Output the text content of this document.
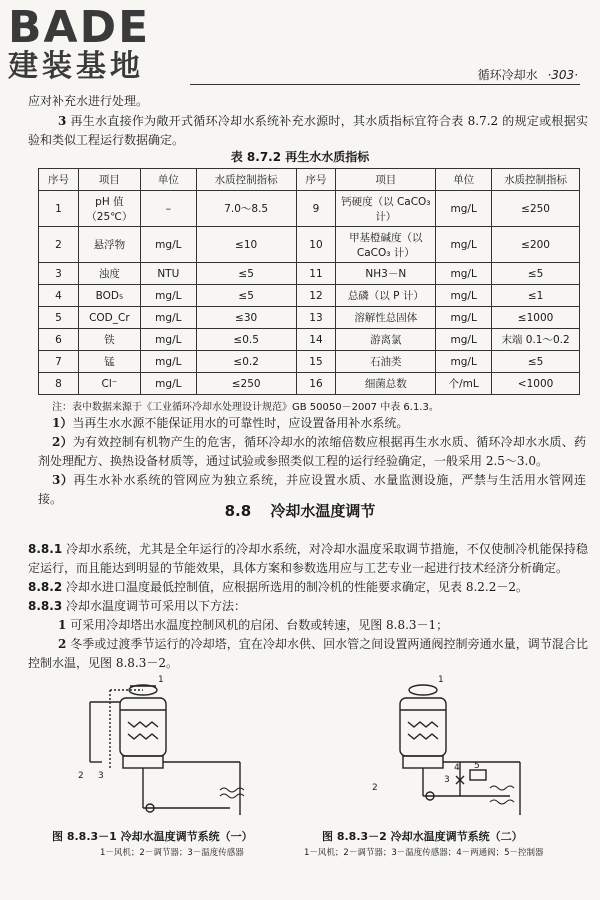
BADE
建装基地	循环冷却水 ·303·
应对补充水进行处理。
3 再生水直接作为敞开式循环冷却水系统补充水源时，其水质指标宜符合表 8.7.2 的规定或根据实验和类似工程运行数据确定。
表 8.7.2 再生水水质指标
序号	项目	单位	水质控制指标	序号	项目	单位	水质控制指标
1	pH 值（25℃）	–	7.0～8.5	9	钙硬度（以 CaCO₃ 计）	mg/L	≤250
2	悬浮物	mg/L	≤10	10	甲基橙碱度（以 CaCO₃ 计）	mg/L	≤200
3	浊度	NTU	≤5	11	NH3－N	mg/L	≤5
4	BOD₅	mg/L	≤5	12	总磷（以 P 计）	mg/L	≤1
5	COD_Cr	mg/L	≤30	13	溶解性总固体	mg/L	≤1000
6	铁	mg/L	≤0.5	14	游离氯	mg/L	末端 0.1～0.2
7	锰	mg/L	≤0.2	15	石油类	mg/L	≤5
8	Cl⁻	mg/L	≤250	16	细菌总数	个/mL	<1000
注：表中数据来源于《工业循环冷却水处理设计规范》GB 50050－2007 中表 6.1.3。
1）当再生水水源不能保证用水的可靠性时，应设置备用补水系统。
2）为有效控制有机物产生的危害，循环冷却水的浓缩倍数应根据再生水水质、循环冷却水水质、药剂处理配方、换热设备材质等，通过试验或参照类似工程的运行经验确定，一般采用 2.5～3.0。
3）再生水补水系统的管网应为独立系统，并应设置水质、水量监测设施，严禁与生活用水管网连接。
8.8 冷却水温度调节
8.8.1 冷却水系统，尤其是全年运行的冷却水系统，对冷却水温度采取调节措施，不仅使制冷机能保持稳定运行，而且能达到明显的节能效果，具体方案和参数选用应与工艺专业一起进行技术经济分析确定。
8.8.2 冷却水进口温度最低控制值，应根据所选用的制冷机的性能要求确定，见表 8.2.2－2。
8.8.3 冷却水温度调节可采用以下方法：
1 可采用冷却塔出水温度控制风机的启闭、台数或转速，见图 8.8.3－1；
2 冬季或过渡季节运行的冷却塔，宜在冷却水供、回水管之间设置两通阀控制旁通水量，调节混合比控制水温，见图 8.8.3－2。
1
2 3
图 8.8.3－1 冷却水温度调节系统（一）
1－风机；2－调节器；3－温度传感器
1
2
3
4 5
图 8.8.3－2 冷却水温度调节系统（二）
1－风机；2－调节器；3－温度传感器；4－两通阀；5－控制器
